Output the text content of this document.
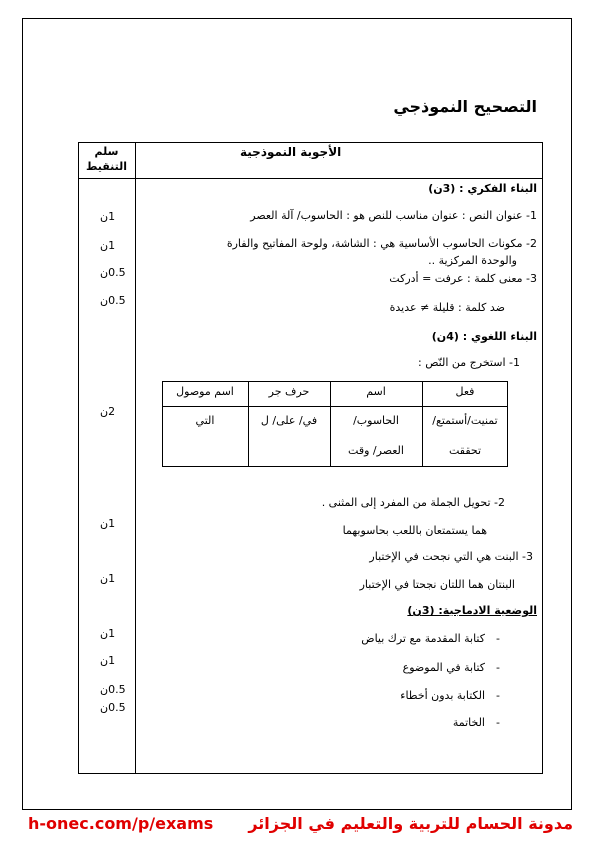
التصحيح النموذجي
الأجوبة النموذجية
سلم التنقيط
البناء الفكري : (3ن)
1- عنوان النص : عنوان مناسب للنص هو : الحاسوب/ آلة العصر
2- مكونات الحاسوب الأساسية هي : الشاشة، ولوحة المفاتيح والفارة
والوحدة المركزية ..
3- معنى كلمة : عرفت = أدركت
ضد كلمة : قليلة ≠ عديدة
البناء اللغوي : (4ن)
1- استخرج من النّص :
فعل
اسم
حرف جر
اسم موصول
تمنيت/أستمتع/
الحاسوب/
في/ على/ ل
التي
تحققت
العصر/ وقت
2- تحويل الجملة من المفرد إلى المثنى .
هما يستمتعان باللعب بحاسوبهما
3- البنت هي التي نجحت في الإختبار
البنتان هما اللتان نجحتا في الإختبار
الوضعية الادماجية: (3ن)
-
كتابة المقدمة مع ترك بياض
-
كتابة في الموضوع
-
الكتابة بدون أخطاء
-
الخاتمة
1ن
1ن
0.5ن
0.5ن
2ن
1ن
1ن
1ن
1ن
0.5ن
0.5ن
h-onec.com/p/exams مدونة الحسام للتربية والتعليم في الجزائر
